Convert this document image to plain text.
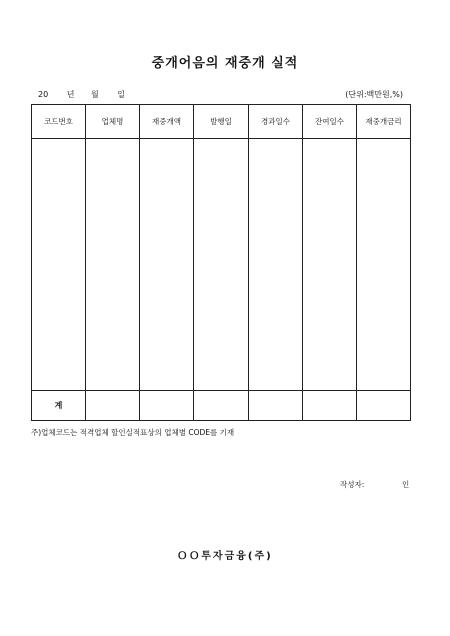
중개어음의 재중개 실적
20 년 월 일	(단위:백만원,%)
코드번호	업체명	재중개액	발행일	경과일수	잔여일수	재중개금리

계						
주)업체코드는 적격업체 할인실적표상의 업체별 CODE를 기재
작성자:	인
ＯＯ투자금융(주)
